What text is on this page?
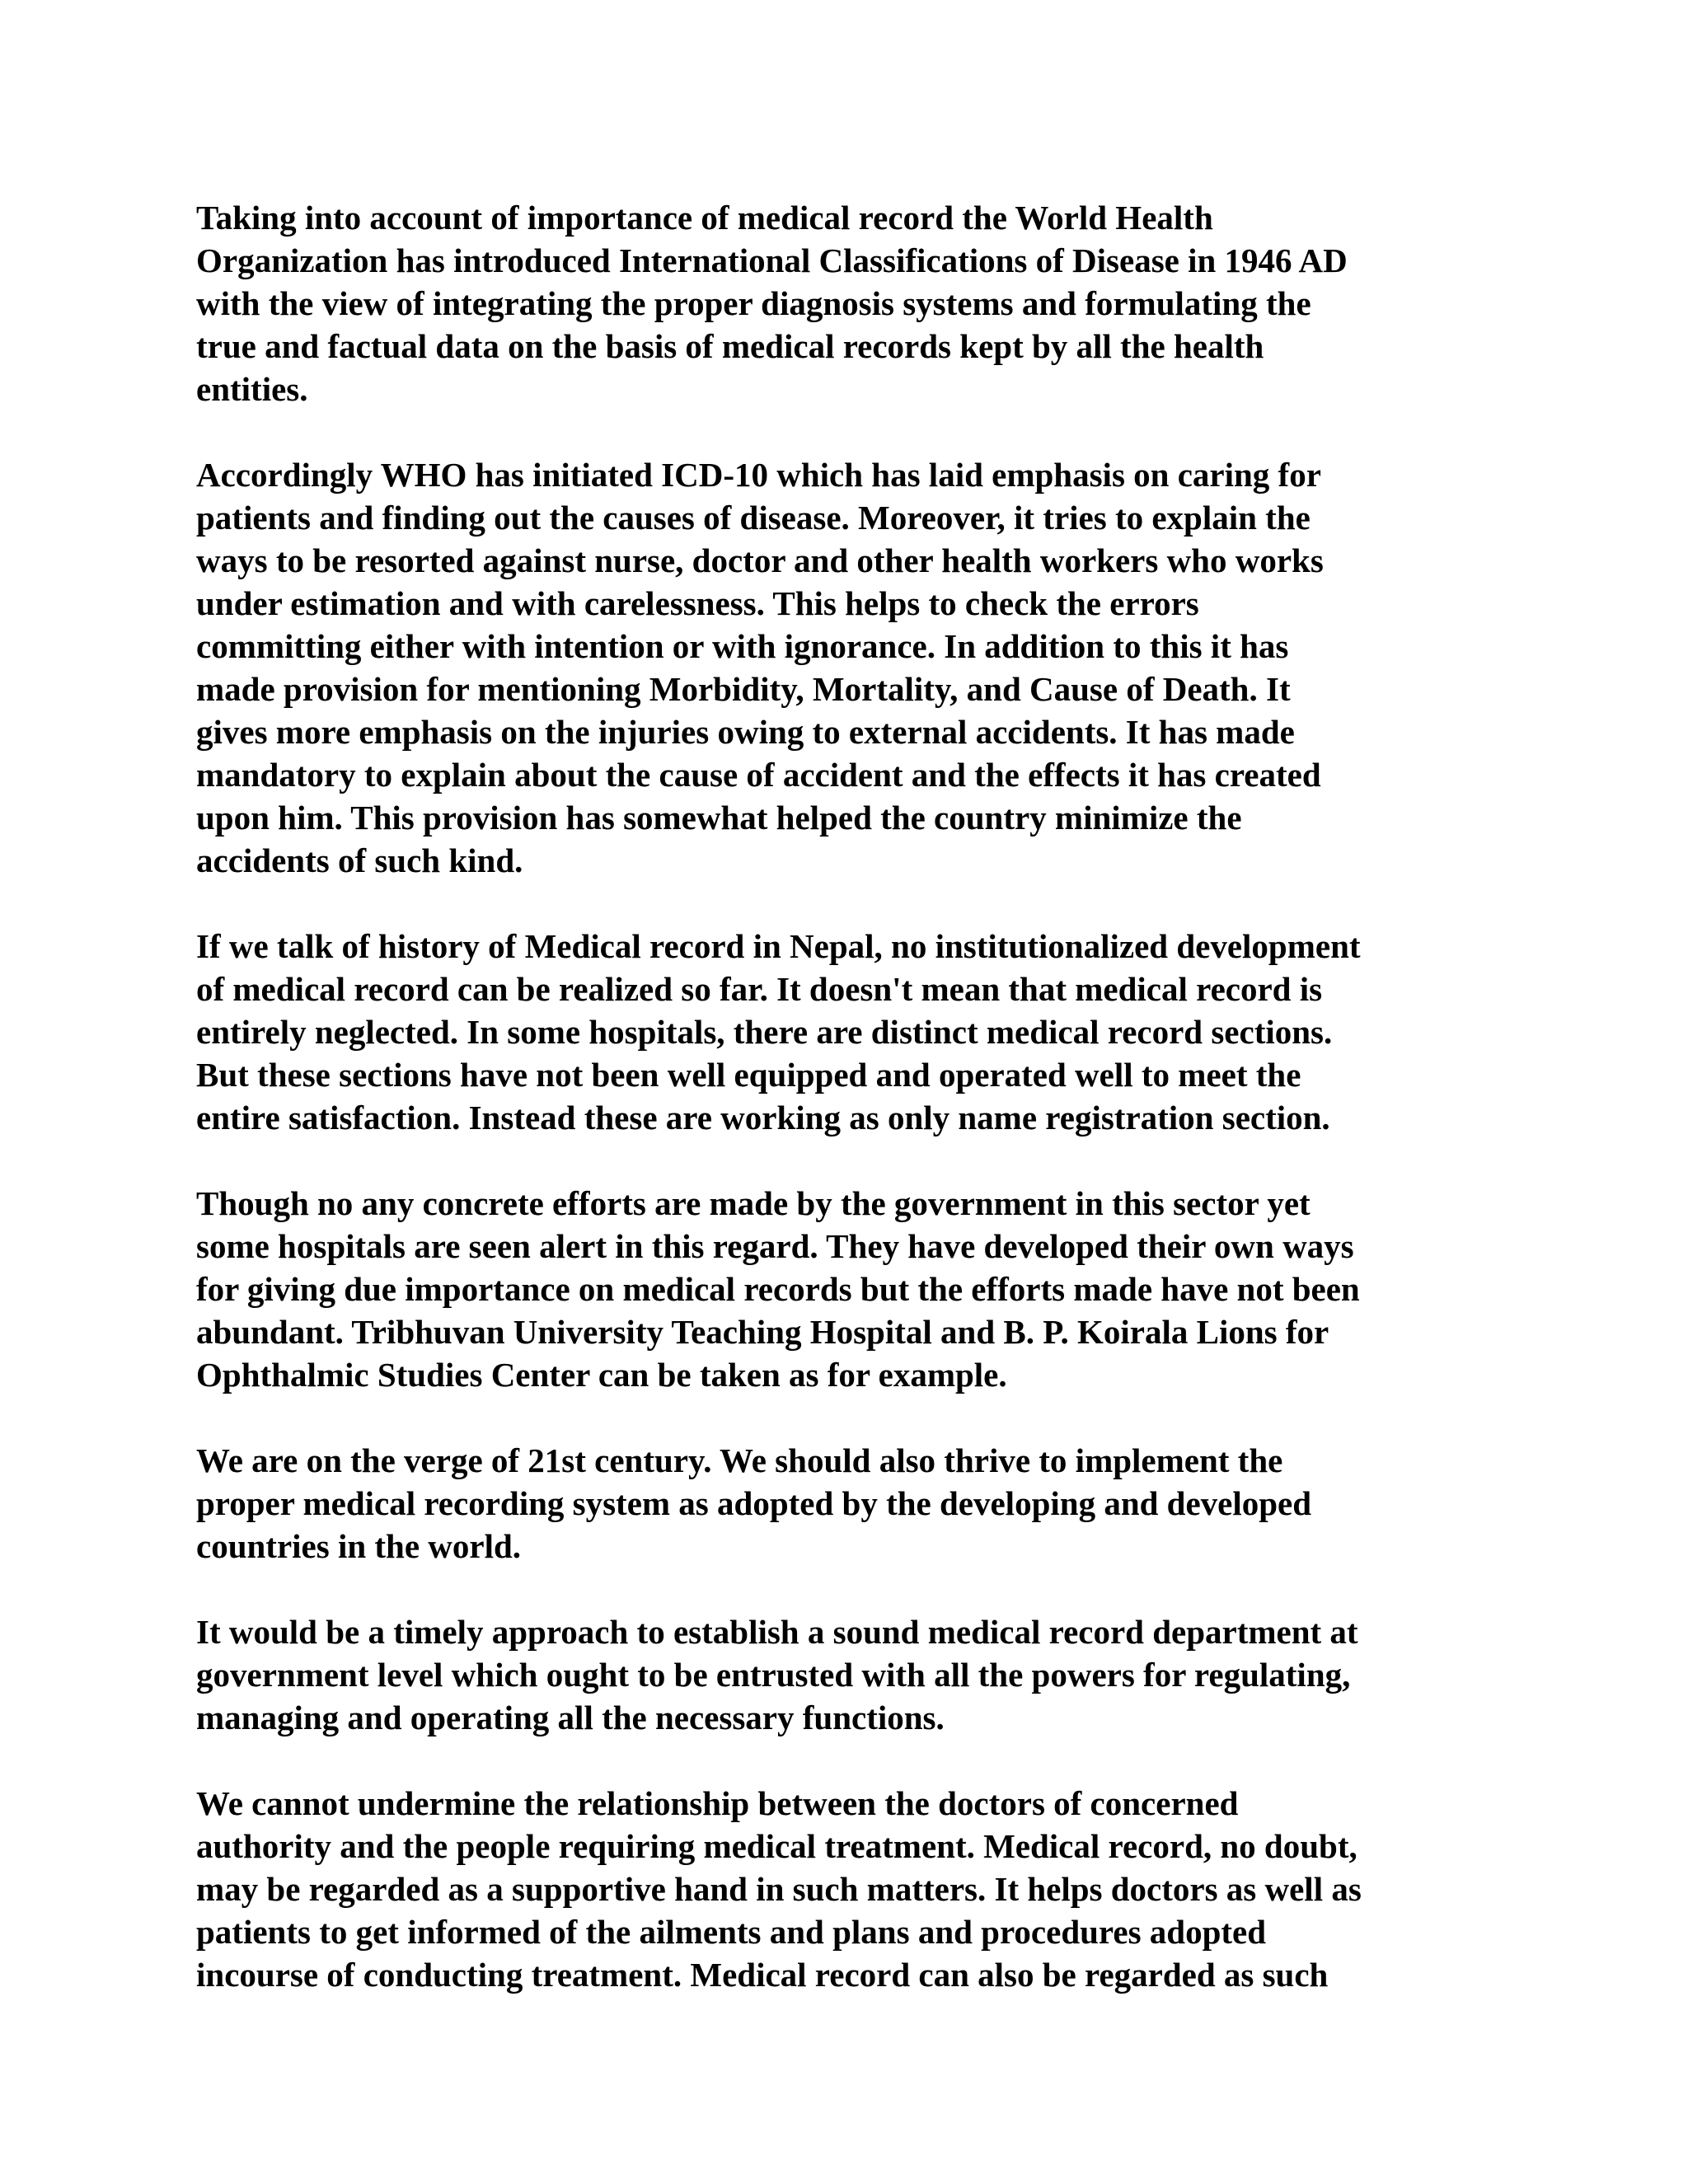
Taking into account of importance of medical record the World Health
Organization has introduced International Classifications of Disease in 1946 AD
with the view of integrating the proper diagnosis systems and formulating the
true and factual data on the basis of medical records kept by all the health
entities.

Accordingly WHO has initiated ICD-10 which has laid emphasis on caring for
patients and finding out the causes of disease. Moreover, it tries to explain the
ways to be resorted against nurse, doctor and other health workers who works
under estimation and with carelessness. This helps to check the errors
committing either with intention or with ignorance. In addition to this it has
made provision for mentioning Morbidity, Mortality, and Cause of Death. It
gives more emphasis on the injuries owing to external accidents. It has made
mandatory to explain about the cause of accident and the effects it has created
upon him. This provision has somewhat helped the country minimize the
accidents of such kind.

If we talk of history of Medical record in Nepal, no institutionalized development
of medical record can be realized so far. It doesn't mean that medical record is
entirely neglected. In some hospitals, there are distinct medical record sections.
But these sections have not been well equipped and operated well to meet the
entire satisfaction. Instead these are working as only name registration section.

Though no any concrete efforts are made by the government in this sector yet
some hospitals are seen alert in this regard. They have developed their own ways
for giving due importance on medical records but the efforts made have not been
abundant. Tribhuvan University Teaching Hospital and B. P. Koirala Lions for
Ophthalmic Studies Center can be taken as for example.

We are on the verge of 21st century. We should also thrive to implement the
proper medical recording system as adopted by the developing and developed
countries in the world.

It would be a timely approach to establish a sound medical record department at
government level which ought to be entrusted with all the powers for regulating,
managing and operating all the necessary functions.

We cannot undermine the relationship between the doctors of concerned
authority and the people requiring medical treatment. Medical record, no doubt,
may be regarded as a supportive hand in such matters. It helps doctors as well as
patients to get informed of the ailments and plans and procedures adopted
incourse of conducting treatment. Medical record can also be regarded as such
